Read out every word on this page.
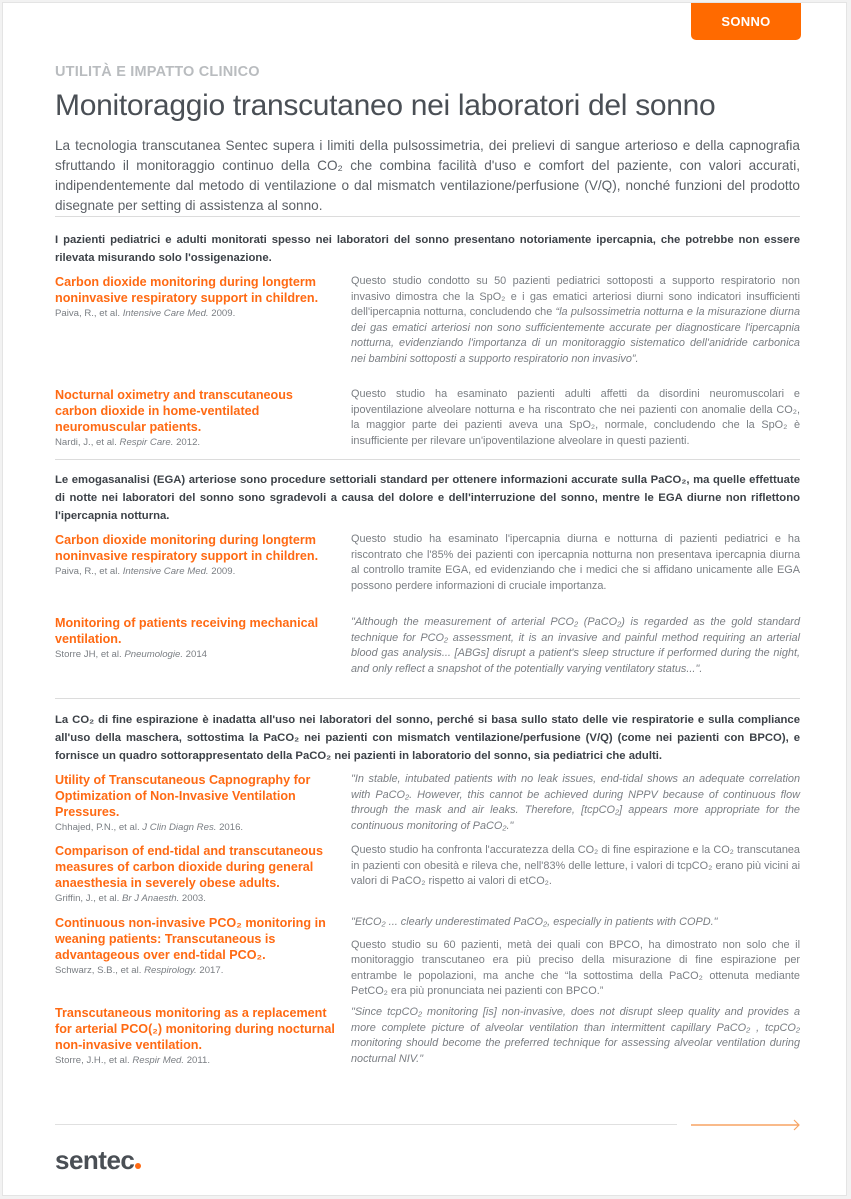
SONNO
UTILITÀ E IMPATTO CLINICO
Monitoraggio transcutaneo nei laboratori del sonno

La tecnologia transcutanea Sentec supera i limiti della pulsossimetria, dei prelievi di sangue arterioso e della capnografia sfruttando il monitoraggio continuo della CO₂ che combina facilità d'uso e comfort del paziente, con valori accurati, indipendentemente dal metodo di ventilazione o dal mismatch ventilazione/perfusione (V/Q), nonché funzioni del prodotto disegnate per setting di assistenza al sonno.

I pazienti pediatrici e adulti monitorati spesso nei laboratori del sonno presentano notoriamente ipercapnia, che potrebbe non essere rilevata misurando solo l'ossigenazione.

Carbon dioxide monitoring during longterm noninvasive respiratory support in children.

Paiva, R., et al. Intensive Care Med. 2009.

Questo studio condotto su 50 pazienti pediatrici sottoposti a supporto respiratorio non invasivo dimostra che la SpO₂ e i gas ematici arteriosi diurni sono indicatori insufficienti dell'ipercapnia notturna, concludendo che “la pulsossimetria notturna e la misurazione diurna dei gas ematici arteriosi non sono sufficientemente accurate per diagnosticare l'ipercapnia notturna, evidenziando l'importanza di un monitoraggio sistematico dell'anidride carbonica nei bambini sottoposti a supporto respiratorio non invasivo”.

Nocturnal oximetry and transcutaneous carbon dioxide in home-ventilated neuromuscular patients.

Nardi, J., et al. Respir Care. 2012.

Questo studio ha esaminato pazienti adulti affetti da disordini neuromuscolari e ipoventilazione alveolare notturna e ha riscontrato che nei pazienti con anomalie della CO₂, la maggior parte dei pazienti aveva una SpO₂, normale, concludendo che la SpO₂ è insufficiente per rilevare un'ipoventilazione alveolare in questi pazienti.

Le emogasanalisi (EGA) arteriose sono procedure settoriali standard per ottenere informazioni accurate sulla PaCO₂, ma quelle effettuate di notte nei laboratori del sonno sono sgradevoli a causa del dolore e dell'interruzione del sonno, mentre le EGA diurne non riflettono l'ipercapnia notturna.

Carbon dioxide monitoring during longterm noninvasive respiratory support in children.

Paiva, R., et al. Intensive Care Med. 2009.

Questo studio ha esaminato l'ipercapnia diurna e notturna di pazienti pediatrici e ha riscontrato che l'85% dei pazienti con ipercapnia notturna non presentava ipercapnia diurna al controllo tramite EGA, ed evidenziando che i medici che si affidano unicamente alle EGA possono perdere informazioni di cruciale importanza.

Monitoring of patients receiving mechanical ventilation.

Storre JH, et al. Pneumologie. 2014

"Although the measurement of arterial PCO₂ (PaCO₂) is regarded as the gold standard technique for PCO₂ assessment, it is an invasive and painful method requiring an arterial blood gas analysis... [ABGs] disrupt a patient's sleep structure if performed during the night, and only reflect a snapshot of the potentially varying ventilatory status...".

La CO₂ di fine espirazione è inadatta all'uso nei laboratori del sonno, perché si basa sullo stato delle vie respiratorie e sulla compliance all'uso della maschera, sottostima la PaCO₂ nei pazienti con mismatch ventilazione/perfusione (V/Q) (come nei pazienti con BPCO), e fornisce un quadro sottorappresentato della PaCO₂ nei pazienti in laboratorio del sonno, sia pediatrici che adulti.

Utility of Transcutaneous Capnography for Optimization of Non-Invasive Ventilation Pressures.

Chhajed, P.N., et al. J Clin Diagn Res. 2016.

"In stable, intubated patients with no leak issues, end-tidal shows an adequate correlation with PaCO₂. However, this cannot be achieved during NPPV because of continuous flow through the mask and air leaks. Therefore, [tcpCO₂] appears more appropriate for the continuous monitoring of PaCO₂."

Comparison of end-tidal and transcutaneous measures of carbon dioxide during general anaesthesia in severely obese adults.

Griffin, J., et al. Br J Anaesth. 2003.

Questo studio ha confronta l'accuratezza della CO₂ di fine espirazione e la CO₂ transcutanea in pazienti con obesità e rileva che, nell'83% delle letture, i valori di tcpCO₂ erano più vicini ai valori di PaCO₂ rispetto ai valori di etCO₂.

Continuous non-invasive PCO₂ monitoring in weaning patients: Transcutaneous is advantageous over end-tidal PCO₂.

Schwarz, S.B., et al. Respirology. 2017.

"EtCO₂ ... clearly underestimated PaCO₂, especially in patients with COPD."

Questo studio su 60 pazienti, metà dei quali con BPCO, ha dimostrato non solo che il monitoraggio transcutaneo era più preciso della misurazione di fine espirazione per entrambe le popolazioni, ma anche che “la sottostima della PaCO₂ ottenuta mediante PetCO₂ era più pronunciata nei pazienti con BPCO.”

Transcutaneous monitoring as a replacement for arterial PCO(₂) monitoring during nocturnal non-invasive ventilation.

Storre, J.H., et al. Respir Med. 2011.

"Since tcpCO₂ monitoring [is] non-invasive, does not disrupt sleep quality and provides a more complete picture of alveolar ventilation than intermittent capillary PaCO₂ , tcpCO₂ monitoring should become the preferred technique for assessing alveolar ventilation during nocturnal NIV."

sentec
